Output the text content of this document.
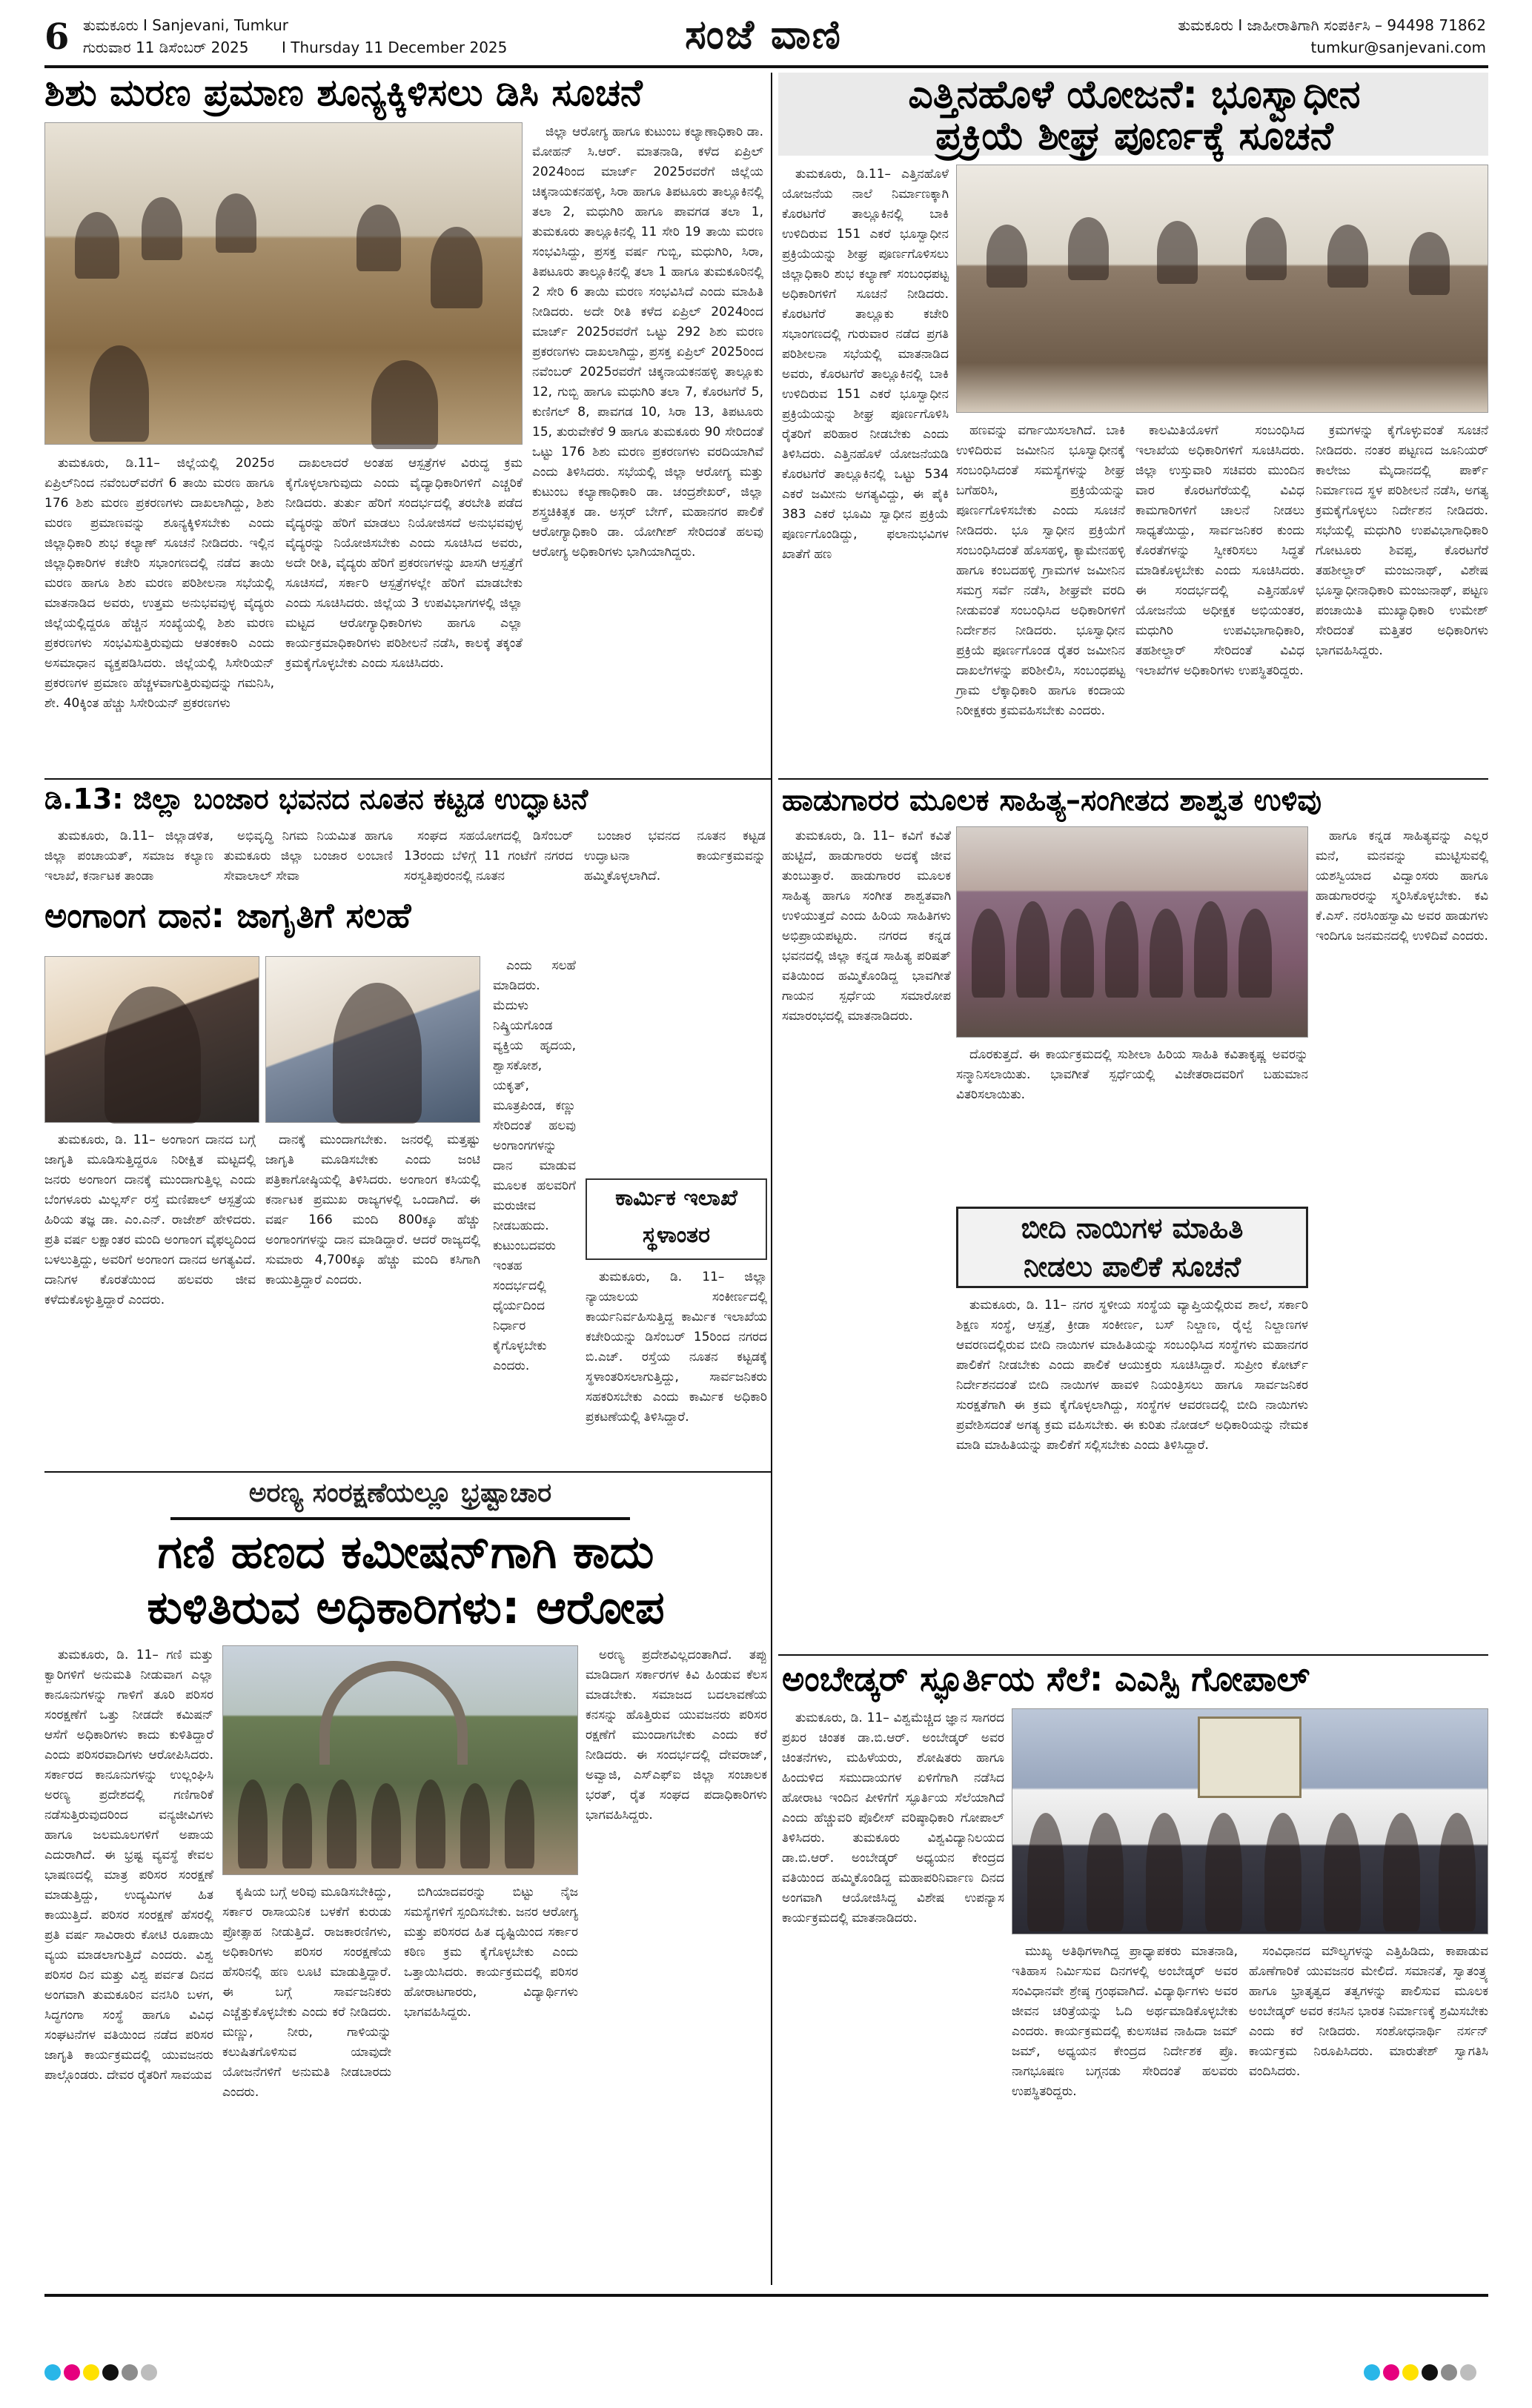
6 ತುಮಕೂರು I Sanjevani, Tumkur
ಗುರುವಾರ 11 ಡಿಸೆಂಬರ್ 2025 I Thursday 11 December 2025	ಸಂಜೆ ವಾಣಿ	ತುಮಕೂರು I ಜಾಹೀರಾತಿಗಾಗಿ ಸಂಪರ್ಕಿಸಿ – 94498 71862
tumkur@sanjevani.com
ಶಿಶು ಮರಣ ಪ್ರಮಾಣ ಶೂನ್ಯಕ್ಕಿಳಿಸಲು ಡಿಸಿ ಸೂಚನೆ

ಜಿಲ್ಲಾ ಆರೋಗ್ಯ ಹಾಗೂ ಕುಟುಂಬ ಕಲ್ಯಾಣಾಧಿಕಾರಿ ಡಾ. ಮೋಹನ್ ಸಿ.ಆರ್. ಮಾತನಾಡಿ, ಕಳೆದ ಏಪ್ರಿಲ್ 2024ರಿಂದ ಮಾರ್ಚ್ 2025ರವರೆಗೆ ಜಿಲ್ಲೆಯ ಚಿಕ್ಕನಾಯಕನಹಳ್ಳಿ, ಸಿರಾ ಹಾಗೂ ತಿಪಟೂರು ತಾಲ್ಲೂಕಿನಲ್ಲಿ ತಲಾ 2, ಮಧುಗಿರಿ ಹಾಗೂ ಪಾವಗಡ ತಲಾ 1, ತುಮಕೂರು ತಾಲ್ಲೂಕಿನಲ್ಲಿ 11 ಸೇರಿ 19 ತಾಯಿ ಮರಣ ಸಂಭವಿಸಿದ್ದು, ಪ್ರಸಕ್ತ ವರ್ಷ ಗುಬ್ಬಿ, ಮಧುಗಿರಿ, ಸಿರಾ, ತಿಪಟೂರು ತಾಲ್ಲೂಕಿನಲ್ಲಿ ತಲಾ 1 ಹಾಗೂ ತುಮಕೂರಿನಲ್ಲಿ 2 ಸೇರಿ 6 ತಾಯಿ ಮರಣ ಸಂಭವಿಸಿದೆ ಎಂದು ಮಾಹಿತಿ ನೀಡಿದರು. ಅದೇ ರೀತಿ ಕಳೆದ ಏಪ್ರಿಲ್ 2024ರಿಂದ ಮಾರ್ಚ್ 2025ರವರೆಗೆ ಒಟ್ಟು 292 ಶಿಶು ಮರಣ ಪ್ರಕರಣಗಳು ದಾಖಲಾಗಿದ್ದು, ಪ್ರಸಕ್ತ ಏಪ್ರಿಲ್ 2025ರಿಂದ ನವೆಂಬರ್ 2025ರವರೆಗೆ ಚಿಕ್ಕನಾಯಕನಹಳ್ಳಿ ತಾಲ್ಲೂಕು 12, ಗುಬ್ಬಿ ಹಾಗೂ ಮಧುಗಿರಿ ತಲಾ 7, ಕೊರಟಗೆರೆ 5, ಕುಣಿಗಲ್ 8, ಪಾವಗಡ 10, ಸಿರಾ 13, ತಿಪಟೂರು 15, ತುರುವೇಕೆರೆ 9 ಹಾಗೂ ತುಮಕೂರು 90 ಸೇರಿದಂತೆ ಒಟ್ಟು 176 ಶಿಶು ಮರಣ ಪ್ರಕರಣಗಳು ವರದಿಯಾಗಿವೆ ಎಂದು ತಿಳಿಸಿದರು. ಸಭೆಯಲ್ಲಿ ಜಿಲ್ಲಾ ಆರೋಗ್ಯ ಮತ್ತು ಕುಟುಂಬ ಕಲ್ಯಾಣಾಧಿಕಾರಿ ಡಾ. ಚಂದ್ರಶೇಖರ್, ಜಿಲ್ಲಾ ಶಸ್ತ್ರಚಿಕಿತ್ಸಕ ಡಾ. ಅಸ್ಗರ್ ಬೇಗ್, ಮಹಾನಗರ ಪಾಲಿಕೆ ಆರೋಗ್ಯಾಧಿಕಾರಿ ಡಾ. ಯೋಗೀಶ್ ಸೇರಿದಂತೆ ಹಲವು ಆರೋಗ್ಯ ಅಧಿಕಾರಿಗಳು ಭಾಗಿಯಾಗಿದ್ದರು.

ತುಮಕೂರು, ಡಿ.11– ಜಿಲ್ಲೆಯಲ್ಲಿ 2025ರ ಏಪ್ರಿಲ್‌ನಿಂದ ನವೆಂಬರ್‌ವರೆಗೆ 6 ತಾಯಿ ಮರಣ ಹಾಗೂ 176 ಶಿಶು ಮರಣ ಪ್ರಕರಣಗಳು ದಾಖಲಾಗಿದ್ದು, ಶಿಶು ಮರಣ ಪ್ರಮಾಣವನ್ನು ಶೂನ್ಯಕ್ಕಿಳಿಸಬೇಕು ಎಂದು ಜಿಲ್ಲಾಧಿಕಾರಿ ಶುಭ ಕಲ್ಯಾಣ್ ಸೂಚನೆ ನೀಡಿದರು. ಇಲ್ಲಿನ ಜಿಲ್ಲಾಧಿಕಾರಿಗಳ ಕಚೇರಿ ಸಭಾಂಗಣದಲ್ಲಿ ನಡೆದ ತಾಯಿ ಮರಣ ಹಾಗೂ ಶಿಶು ಮರಣ ಪರಿಶೀಲನಾ ಸಭೆಯಲ್ಲಿ ಮಾತನಾಡಿದ ಅವರು, ಉತ್ತಮ ಅನುಭವವುಳ್ಳ ವೈದ್ಯರು ಜಿಲ್ಲೆಯಲ್ಲಿದ್ದರೂ ಹೆಚ್ಚಿನ ಸಂಖ್ಯೆಯಲ್ಲಿ ಶಿಶು ಮರಣ ಪ್ರಕರಣಗಳು ಸಂಭವಿಸುತ್ತಿರುವುದು ಆತಂಕಕಾರಿ ಎಂದು ಅಸಮಾಧಾನ ವ್ಯಕ್ತಪಡಿಸಿದರು. ಜಿಲ್ಲೆಯಲ್ಲಿ ಸಿಸೇರಿಯನ್ ಪ್ರಕರಣಗಳ ಪ್ರಮಾಣ ಹೆಚ್ಚಳವಾಗುತ್ತಿರುವುದನ್ನು ಗಮನಿಸಿ, ಶೇ. 40ಕ್ಕಿಂತ ಹೆಚ್ಚು ಸಿಸೇರಿಯನ್ ಪ್ರಕರಣಗಳು

ದಾಖಲಾದರೆ ಅಂತಹ ಆಸ್ಪತ್ರೆಗಳ ವಿರುದ್ಧ ಕ್ರಮ ಕೈಗೊಳ್ಳಲಾಗುವುದು ಎಂದು ವೈದ್ಯಾಧಿಕಾರಿಗಳಿಗೆ ಎಚ್ಚರಿಕೆ ನೀಡಿದರು. ತುರ್ತು ಹೆರಿಗೆ ಸಂದರ್ಭದಲ್ಲಿ ತರಬೇತಿ ಪಡೆದ ವೈದ್ಯರನ್ನು ಹೆರಿಗೆ ಮಾಡಲು ನಿಯೋಜಿಸದೆ ಅನುಭವವುಳ್ಳ ವೈದ್ಯರನ್ನು ನಿಯೋಜಿಸಬೇಕು ಎಂದು ಸೂಚಿಸಿದ ಅವರು, ಅದೇ ರೀತಿ, ವೈದ್ಯರು ಹೆರಿಗೆ ಪ್ರಕರಣಗಳನ್ನು ಖಾಸಗಿ ಆಸ್ಪತ್ರೆಗೆ ಸೂಚಿಸದೆ, ಸರ್ಕಾರಿ ಆಸ್ಪತ್ರೆಗಳಲ್ಲೇ ಹೆರಿಗೆ ಮಾಡಬೇಕು ಎಂದು ಸೂಚಿಸಿದರು. ಜಿಲ್ಲೆಯ 3 ಉಪವಿಭಾಗಗಳಲ್ಲಿ ಜಿಲ್ಲಾ ಮಟ್ಟದ ಆರೋಗ್ಯಾಧಿಕಾರಿಗಳು ಹಾಗೂ ಎಲ್ಲಾ ಕಾರ್ಯಕ್ರಮಾಧಿಕಾರಿಗಳು ಪರಿಶೀಲನೆ ನಡೆಸಿ, ಕಾಲಕ್ಕೆ ತಕ್ಕಂತೆ ಕ್ರಮಕೈಗೊಳ್ಳಬೇಕು ಎಂದು ಸೂಚಿಸಿದರು.

ಎತ್ತಿನಹೊಳೆ ಯೋಜನೆ: ಭೂಸ್ವಾಧೀನ
ಪ್ರಕ್ರಿಯೆ ಶೀಘ್ರ ಪೂರ್ಣಕ್ಕೆ ಸೂಚನೆ

ತುಮಕೂರು, ಡಿ.11– ಎತ್ತಿನಹೊಳೆ ಯೋಜನೆಯ ನಾಲೆ ನಿರ್ಮಾಣಕ್ಕಾಗಿ ಕೊರಟಗೆರೆ ತಾಲ್ಲೂಕಿನಲ್ಲಿ ಬಾಕಿ ಉಳಿದಿರುವ 151 ಎಕರೆ ಭೂಸ್ವಾಧೀನ ಪ್ರಕ್ರಿಯೆಯನ್ನು ಶೀಘ್ರ ಪೂರ್ಣಗೊಳಿಸಲು ಜಿಲ್ಲಾಧಿಕಾರಿ ಶುಭ ಕಲ್ಯಾಣ್ ಸಂಬಂಧಪಟ್ಟ ಅಧಿಕಾರಿಗಳಿಗೆ ಸೂಚನೆ ನೀಡಿದರು. ಕೊರಟಗೆರೆ ತಾಲ್ಲೂಕು ಕಚೇರಿ ಸಭಾಂಗಣದಲ್ಲಿ ಗುರುವಾರ ನಡೆದ ಪ್ರಗತಿ ಪರಿಶೀಲನಾ ಸಭೆಯಲ್ಲಿ ಮಾತನಾಡಿದ ಅವರು, ಕೊರಟಗೆರೆ ತಾಲ್ಲೂಕಿನಲ್ಲಿ ಬಾಕಿ ಉಳಿದಿರುವ 151 ಎಕರೆ ಭೂಸ್ವಾಧೀನ ಪ್ರಕ್ರಿಯೆಯನ್ನು ಶೀಘ್ರ ಪೂರ್ಣಗೊಳಿಸಿ ರೈತರಿಗೆ ಪರಿಹಾರ ನೀಡಬೇಕು ಎಂದು ತಿಳಿಸಿದರು. ಎತ್ತಿನಹೊಳೆ ಯೋಜನೆಯಡಿ ಕೊರಟಗೆರೆ ತಾಲ್ಲೂಕಿನಲ್ಲಿ ಒಟ್ಟು 534 ಎಕರೆ ಜಮೀನು ಅಗತ್ಯವಿದ್ದು, ಈ ಪೈಕಿ 383 ಎಕರೆ ಭೂಮಿ ಸ್ವಾಧೀನ ಪ್ರಕ್ರಿಯೆ ಪೂರ್ಣಗೊಂಡಿದ್ದು, ಫಲಾನುಭವಿಗಳ ಖಾತೆಗೆ ಹಣ

ಹಣವನ್ನು ವರ್ಗಾಯಿಸಲಾಗಿದೆ. ಬಾಕಿ ಉಳಿದಿರುವ ಜಮೀನಿನ ಭೂಸ್ವಾಧೀನಕ್ಕೆ ಸಂಬಂಧಿಸಿದಂತೆ ಸಮಸ್ಯೆಗಳನ್ನು ಶೀಘ್ರ ಬಗೆಹರಿಸಿ, ಪ್ರಕ್ರಿಯೆಯನ್ನು ಪೂರ್ಣಗೊಳಿಸಬೇಕು ಎಂದು ಸೂಚನೆ ನೀಡಿದರು. ಭೂ ಸ್ವಾಧೀನ ಪ್ರಕ್ರಿಯೆಗೆ ಸಂಬಂಧಿಸಿದಂತೆ ಹೊಸಹಳ್ಳಿ, ಕ್ಯಾಮೇನಹಳ್ಳಿ ಹಾಗೂ ಕಂಬದಹಳ್ಳಿ ಗ್ರಾಮಗಳ ಜಮೀನಿನ ಸಮಗ್ರ ಸರ್ವೆ ನಡೆಸಿ, ಶೀಘ್ರವೇ ವರದಿ ನೀಡುವಂತೆ ಸಂಬಂಧಿಸಿದ ಅಧಿಕಾರಿಗಳಿಗೆ ನಿರ್ದೇಶನ ನೀಡಿದರು. ಭೂಸ್ವಾಧೀನ ಪ್ರಕ್ರಿಯೆ ಪೂರ್ಣಗೊಂಡ ರೈತರ ಜಮೀನಿನ ದಾಖಲೆಗಳನ್ನು ಪರಿಶೀಲಿಸಿ, ಸಂಬಂಧಪಟ್ಟ ಗ್ರಾಮ ಲೆಕ್ಕಾಧಿಕಾರಿ ಹಾಗೂ ಕಂದಾಯ ನಿರೀಕ್ಷಕರು ಕ್ರಮವಹಿಸಬೇಕು ಎಂದರು.

ಕಾಲಮಿತಿಯೊಳಗೆ ಸಂಬಂಧಿಸಿದ ಇಲಾಖೆಯ ಅಧಿಕಾರಿಗಳಿಗೆ ಸೂಚಿಸಿದರು. ಜಿಲ್ಲಾ ಉಸ್ತುವಾರಿ ಸಚಿವರು ಮುಂದಿನ ವಾರ ಕೊರಟಗೆರೆಯಲ್ಲಿ ವಿವಿಧ ಕಾಮಗಾರಿಗಳಿಗೆ ಚಾಲನೆ ನೀಡಲು ಸಾಧ್ಯತೆಯಿದ್ದು, ಸಾರ್ವಜನಿಕರ ಕುಂದು ಕೊರತೆಗಳನ್ನು ಸ್ವೀಕರಿಸಲು ಸಿದ್ಧತೆ ಮಾಡಿಕೊಳ್ಳಬೇಕು ಎಂದು ಸೂಚಿಸಿದರು. ಈ ಸಂದರ್ಭದಲ್ಲಿ ಎತ್ತಿನಹೊಳೆ ಯೋಜನೆಯ ಅಧೀಕ್ಷಕ ಅಭಿಯಂತರ, ಮಧುಗಿರಿ ಉಪವಿಭಾಗಾಧಿಕಾರಿ, ತಹಶೀಲ್ದಾರ್ ಸೇರಿದಂತೆ ವಿವಿಧ ಇಲಾಖೆಗಳ ಅಧಿಕಾರಿಗಳು ಉಪಸ್ಥಿತರಿದ್ದರು.

ಕ್ರಮಗಳನ್ನು ಕೈಗೊಳ್ಳುವಂತೆ ಸೂಚನೆ ನೀಡಿದರು. ನಂತರ ಪಟ್ಟಣದ ಜೂನಿಯರ್ ಕಾಲೇಜು ಮೈದಾನದಲ್ಲಿ ಪಾರ್ಕ್ ನಿರ್ಮಾಣದ ಸ್ಥಳ ಪರಿಶೀಲನೆ ನಡೆಸಿ, ಅಗತ್ಯ ಕ್ರಮಕೈಗೊಳ್ಳಲು ನಿರ್ದೇಶನ ನೀಡಿದರು. ಸಭೆಯಲ್ಲಿ ಮಧುಗಿರಿ ಉಪವಿಭಾಗಾಧಿಕಾರಿ ಗೋಟೂರು ಶಿವಪ್ಪ, ಕೊರಟಗೆರೆ ತಹಶೀಲ್ದಾರ್ ಮಂಜುನಾಥ್, ವಿಶೇಷ ಭೂಸ್ವಾಧೀನಾಧಿಕಾರಿ ಮಂಜುನಾಥ್, ಪಟ್ಟಣ ಪಂಚಾಯಿತಿ ಮುಖ್ಯಾಧಿಕಾರಿ ಉಮೇಶ್ ಸೇರಿದಂತೆ ಮತ್ತಿತರ ಅಧಿಕಾರಿಗಳು ಭಾಗವಹಿಸಿದ್ದರು.

ಡಿ.13: ಜಿಲ್ಲಾ ಬಂಜಾರ ಭವನದ ನೂತನ ಕಟ್ಟಡ ಉದ್ಘಾಟನೆ

ತುಮಕೂರು, ಡಿ.11– ಜಿಲ್ಲಾಡಳಿತ, ಜಿಲ್ಲಾ ಪಂಚಾಯತ್, ಸಮಾಜ ಕಲ್ಯಾಣ ಇಲಾಖೆ, ಕರ್ನಾಟಕ ತಾಂಡಾ

ಅಭಿವೃದ್ಧಿ ನಿಗಮ ನಿಯಮಿತ ಹಾಗೂ ತುಮಕೂರು ಜಿಲ್ಲಾ ಬಂಜಾರ ಲಂಬಾಣಿ ಸೇವಾಲಾಲ್ ಸೇವಾ

ಸಂಘದ ಸಹಯೋಗದಲ್ಲಿ ಡಿಸೆಂಬರ್ 13ರಂದು ಬೆಳಿಗ್ಗೆ 11 ಗಂಟೆಗೆ ನಗರದ ಸರಸ್ವತಿಪುರಂನಲ್ಲಿ ನೂತನ

ಬಂಜಾರ ಭವನದ ನೂತನ ಕಟ್ಟಡ ಉದ್ಘಾಟನಾ ಕಾರ್ಯಕ್ರಮವನ್ನು ಹಮ್ಮಿಕೊಳ್ಳಲಾಗಿದೆ.

ಅಂಗಾಂಗ ದಾನ: ಜಾಗೃತಿಗೆ ಸಲಹೆ

ಎಂದು ಸಲಹೆ ಮಾಡಿದರು. ಮೆದುಳು ನಿಷ್ಕ್ರಿಯಗೊಂಡ ವ್ಯಕ್ತಿಯ ಹೃದಯ, ಶ್ವಾಸಕೋಶ, ಯಕೃತ್, ಮೂತ್ರಪಿಂಡ, ಕಣ್ಣು ಸೇರಿದಂತೆ ಹಲವು ಅಂಗಾಂಗಗಳನ್ನು ದಾನ ಮಾಡುವ ಮೂಲಕ ಹಲವರಿಗೆ ಮರುಜೀವ ನೀಡಬಹುದು. ಕುಟುಂಬದವರು ಇಂತಹ ಸಂದರ್ಭದಲ್ಲಿ ಧೈರ್ಯದಿಂದ ನಿರ್ಧಾರ ಕೈಗೊಳ್ಳಬೇಕು ಎಂದರು.

ತುಮಕೂರು, ಡಿ. 11– ಅಂಗಾಂಗ ದಾನದ ಬಗ್ಗೆ ಜಾಗೃತಿ ಮೂಡಿಸುತ್ತಿದ್ದರೂ ನಿರೀಕ್ಷಿತ ಮಟ್ಟದಲ್ಲಿ ಜನರು ಅಂಗಾಂಗ ದಾನಕ್ಕೆ ಮುಂದಾಗುತ್ತಿಲ್ಲ ಎಂದು ಬೆಂಗಳೂರು ಮಿಲ್ಲರ್ಸ್ ರಸ್ತೆ ಮಣಿಪಾಲ್ ಆಸ್ಪತ್ರೆಯ ಹಿರಿಯ ತಜ್ಞ ಡಾ. ಎಂ.ಎನ್. ರಾಜೇಶ್ ಹೇಳಿದರು. ಪ್ರತಿ ವರ್ಷ ಲಕ್ಷಾಂತರ ಮಂದಿ ಅಂಗಾಂಗ ವೈಫಲ್ಯದಿಂದ ಬಳಲುತ್ತಿದ್ದು, ಅವರಿಗೆ ಅಂಗಾಂಗ ದಾನದ ಅಗತ್ಯವಿದೆ. ದಾನಿಗಳ ಕೊರತೆಯಿಂದ ಹಲವರು ಜೀವ ಕಳೆದುಕೊಳ್ಳುತ್ತಿದ್ದಾರೆ ಎಂದರು.

ದಾನಕ್ಕೆ ಮುಂದಾಗಬೇಕು. ಜನರಲ್ಲಿ ಮತ್ತಷ್ಟು ಜಾಗೃತಿ ಮೂಡಿಸಬೇಕು ಎಂದು ಜಂಟಿ ಪತ್ರಿಕಾಗೋಷ್ಠಿಯಲ್ಲಿ ತಿಳಿಸಿದರು. ಅಂಗಾಂಗ ಕಸಿಯಲ್ಲಿ ಕರ್ನಾಟಕ ಪ್ರಮುಖ ರಾಜ್ಯಗಳಲ್ಲಿ ಒಂದಾಗಿದೆ. ಈ ವರ್ಷ 166 ಮಂದಿ 800ಕ್ಕೂ ಹೆಚ್ಚು ಅಂಗಾಂಗಗಳನ್ನು ದಾನ ಮಾಡಿದ್ದಾರೆ. ಆದರೆ ರಾಜ್ಯದಲ್ಲಿ ಸುಮಾರು 4,700ಕ್ಕೂ ಹೆಚ್ಚು ಮಂದಿ ಕಸಿಗಾಗಿ ಕಾಯುತ್ತಿದ್ದಾರೆ ಎಂದರು.

ಕಾರ್ಮಿಕ ಇಲಾಖೆ
ಸ್ಥಳಾಂತರ

ತುಮಕೂರು, ಡಿ. 11– ಜಿಲ್ಲಾ ನ್ಯಾಯಾಲಯ ಸಂಕೀರ್ಣದಲ್ಲಿ ಕಾರ್ಯನಿರ್ವಹಿಸುತ್ತಿದ್ದ ಕಾರ್ಮಿಕ ಇಲಾಖೆಯ ಕಚೇರಿಯನ್ನು ಡಿಸೆಂಬರ್ 15ರಿಂದ ನಗರದ ಬಿ.ಎಚ್. ರಸ್ತೆಯ ನೂತನ ಕಟ್ಟಡಕ್ಕೆ ಸ್ಥಳಾಂತರಿಸಲಾಗುತ್ತಿದ್ದು, ಸಾರ್ವಜನಿಕರು ಸಹಕರಿಸಬೇಕು ಎಂದು ಕಾರ್ಮಿಕ ಅಧಿಕಾರಿ ಪ್ರಕಟಣೆಯಲ್ಲಿ ತಿಳಿಸಿದ್ದಾರೆ.

ಅರಣ್ಯ ಸಂರಕ್ಷಣೆಯಲ್ಲೂ ಭ್ರಷ್ಟಾಚಾರ
ಗಣಿ ಹಣದ ಕಮೀಷನ್‌ಗಾಗಿ ಕಾದು
ಕುಳಿತಿರುವ ಅಧಿಕಾರಿಗಳು: ಆರೋಪ

ತುಮಕೂರು, ಡಿ. 11– ಗಣಿ ಮತ್ತು ಕ್ವಾರಿಗಳಿಗೆ ಅನುಮತಿ ನೀಡುವಾಗ ಎಲ್ಲಾ ಕಾನೂನುಗಳನ್ನು ಗಾಳಿಗೆ ತೂರಿ ಪರಿಸರ ಸಂರಕ್ಷಣೆಗೆ ಒತ್ತು ನೀಡದೇ ಕಮಿಷನ್ ಆಸೆಗೆ ಅಧಿಕಾರಿಗಳು ಕಾದು ಕುಳಿತಿದ್ದಾರೆ ಎಂದು ಪರಿಸರವಾದಿಗಳು ಆರೋಪಿಸಿದರು. ಸರ್ಕಾರದ ಕಾನೂನುಗಳನ್ನು ಉಲ್ಲಂಘಿಸಿ ಅರಣ್ಯ ಪ್ರದೇಶದಲ್ಲಿ ಗಣಿಗಾರಿಕೆ ನಡೆಸುತ್ತಿರುವುದರಿಂದ ವನ್ಯಜೀವಿಗಳು ಹಾಗೂ ಜಲಮೂಲಗಳಿಗೆ ಅಪಾಯ ಎದುರಾಗಿದೆ. ಈ ಭ್ರಷ್ಟ ವ್ಯವಸ್ಥೆ ಕೇವಲ ಭಾಷಣದಲ್ಲಿ ಮಾತ್ರ ಪರಿಸರ ಸಂರಕ್ಷಣೆ ಮಾಡುತ್ತಿದ್ದು, ಉದ್ಯಮಿಗಳ ಹಿತ ಕಾಯುತ್ತಿದೆ. ಪರಿಸರ ಸಂರಕ್ಷಣೆ ಹೆಸರಲ್ಲಿ ಪ್ರತಿ ವರ್ಷ ಸಾವಿರಾರು ಕೋಟಿ ರೂಪಾಯಿ ವ್ಯಯ ಮಾಡಲಾಗುತ್ತಿದೆ ಎಂದರು. ವಿಶ್ವ ಪರಿಸರ ದಿನ ಮತ್ತು ವಿಶ್ವ ಪರ್ವತ ದಿನದ ಅಂಗವಾಗಿ ತುಮಕೂರಿನ ವನಸಿರಿ ಬಳಗ, ಸಿದ್ಧಗಂಗಾ ಸಂಸ್ಥೆ ಹಾಗೂ ವಿವಿಧ ಸಂಘಟನೆಗಳ ವತಿಯಿಂದ ನಡೆದ ಪರಿಸರ ಜಾಗೃತಿ ಕಾರ್ಯಕ್ರಮದಲ್ಲಿ ಯುವಜನರು ಪಾಲ್ಗೊಂಡರು. ದೇವರ ರೈತರಿಗೆ ಸಾವಯವ

ಅರಣ್ಯ ಪ್ರದೇಶವಿಲ್ಲದಂತಾಗಿದೆ. ತಪ್ಪು ಮಾಡಿದಾಗ ಸರ್ಕಾರಗಳ ಕಿವಿ ಹಿಂಡುವ ಕೆಲಸ ಮಾಡಬೇಕು. ಸಮಾಜದ ಬದಲಾವಣೆಯ ಕನಸನ್ನು ಹೊತ್ತಿರುವ ಯುವಜನರು ಪರಿಸರ ರಕ್ಷಣೆಗೆ ಮುಂದಾಗಬೇಕು ಎಂದು ಕರೆ ನೀಡಿದರು. ಈ ಸಂದರ್ಭದಲ್ಲಿ ದೇವರಾಜ್, ಅವ್ವಾಜಿ, ಎಸ್‌ಎಫ್‌ಐ ಜಿಲ್ಲಾ ಸಂಚಾಲಕ ಭರತ್, ರೈತ ಸಂಘದ ಪದಾಧಿಕಾರಿಗಳು ಭಾಗವಹಿಸಿದ್ದರು.

ಕೃಷಿಯ ಬಗ್ಗೆ ಅರಿವು ಮೂಡಿಸಬೇಕಿದ್ದು, ಸರ್ಕಾರ ರಾಸಾಯನಿಕ ಬಳಕೆಗೆ ಕುರುಡು ಪ್ರೋತ್ಸಾಹ ನೀಡುತ್ತಿದೆ. ರಾಜಕಾರಣಿಗಳು, ಅಧಿಕಾರಿಗಳು ಪರಿಸರ ಸಂರಕ್ಷಣೆಯ ಹೆಸರಿನಲ್ಲಿ ಹಣ ಲೂಟಿ ಮಾಡುತ್ತಿದ್ದಾರೆ. ಈ ಬಗ್ಗೆ ಸಾರ್ವಜನಿಕರು ಎಚ್ಚೆತ್ತುಕೊಳ್ಳಬೇಕು ಎಂದು ಕರೆ ನೀಡಿದರು. ಮಣ್ಣು, ನೀರು, ಗಾಳಿಯನ್ನು ಕಲುಷಿತಗೊಳಿಸುವ ಯಾವುದೇ ಯೋಜನೆಗಳಿಗೆ ಅನುಮತಿ ನೀಡಬಾರದು ಎಂದರು.

ಬಿಗಿಯಾದವರನ್ನು ಬಿಟ್ಟು ನೈಜ ಸಮಸ್ಯೆಗಳಿಗೆ ಸ್ಪಂದಿಸಬೇಕು. ಜನರ ಆರೋಗ್ಯ ಮತ್ತು ಪರಿಸರದ ಹಿತ ದೃಷ್ಟಿಯಿಂದ ಸರ್ಕಾರ ಕಠಿಣ ಕ್ರಮ ಕೈಗೊಳ್ಳಬೇಕು ಎಂದು ಒತ್ತಾಯಿಸಿದರು. ಕಾರ್ಯಕ್ರಮದಲ್ಲಿ ಪರಿಸರ ಹೋರಾಟಗಾರರು, ವಿದ್ಯಾರ್ಥಿಗಳು ಭಾಗವಹಿಸಿದ್ದರು.

ಹಾಡುಗಾರರ ಮೂಲಕ ಸಾಹಿತ್ಯ–ಸಂಗೀತದ ಶಾಶ್ವತ ಉಳಿವು

ತುಮಕೂರು, ಡಿ. 11– ಕವಿಗೆ ಕವಿತೆ ಹುಟ್ಟಿದೆ, ಹಾಡುಗಾರರು ಅದಕ್ಕೆ ಜೀವ ತುಂಬುತ್ತಾರೆ. ಹಾಡುಗಾರರ ಮೂಲಕ ಸಾಹಿತ್ಯ ಹಾಗೂ ಸಂಗೀತ ಶಾಶ್ವತವಾಗಿ ಉಳಿಯುತ್ತದೆ ಎಂದು ಹಿರಿಯ ಸಾಹಿತಿಗಳು ಅಭಿಪ್ರಾಯಪಟ್ಟರು. ನಗರದ ಕನ್ನಡ ಭವನದಲ್ಲಿ ಜಿಲ್ಲಾ ಕನ್ನಡ ಸಾಹಿತ್ಯ ಪರಿಷತ್ ವತಿಯಿಂದ ಹಮ್ಮಿಕೊಂಡಿದ್ದ ಭಾವಗೀತೆ ಗಾಯನ ಸ್ಪರ್ಧೆಯ ಸಮಾರೋಪ ಸಮಾರಂಭದಲ್ಲಿ ಮಾತನಾಡಿದರು.

ಹಾಗೂ ಕನ್ನಡ ಸಾಹಿತ್ಯವನ್ನು ಎಲ್ಲರ ಮನೆ, ಮನವನ್ನು ಮುಟ್ಟಿಸುವಲ್ಲಿ ಯಶಸ್ವಿಯಾದ ವಿದ್ವಾಂಸರು ಹಾಗೂ ಹಾಡುಗಾರರನ್ನು ಸ್ಮರಿಸಿಕೊಳ್ಳಬೇಕು. ಕವಿ ಕೆ.ಎಸ್. ನರಸಿಂಹಸ್ವಾಮಿ ಅವರ ಹಾಡುಗಳು ಇಂದಿಗೂ ಜನಮನದಲ್ಲಿ ಉಳಿದಿವೆ ಎಂದರು.

ದೊರಕುತ್ತದೆ. ಈ ಕಾರ್ಯಕ್ರಮದಲ್ಲಿ ಸುಶೀಲಾ ಹಿರಿಯ ಸಾಹಿತಿ ಕವಿತಾಕೃಷ್ಣ ಅವರನ್ನು ಸನ್ಮಾನಿಸಲಾಯಿತು. ಭಾವಗೀತೆ ಸ್ಪರ್ಧೆಯಲ್ಲಿ ವಿಜೇತರಾದವರಿಗೆ ಬಹುಮಾನ ವಿತರಿಸಲಾಯಿತು.

ಬೀದಿ ನಾಯಿಗಳ ಮಾಹಿತಿ
ನೀಡಲು ಪಾಲಿಕೆ ಸೂಚನೆ

ತುಮಕೂರು, ಡಿ. 11– ನಗರ ಸ್ಥಳೀಯ ಸಂಸ್ಥೆಯ ವ್ಯಾಪ್ತಿಯಲ್ಲಿರುವ ಶಾಲೆ, ಸರ್ಕಾರಿ ಶಿಕ್ಷಣ ಸಂಸ್ಥೆ, ಆಸ್ಪತ್ರೆ, ಕ್ರೀಡಾ ಸಂಕೀರ್ಣ, ಬಸ್ ನಿಲ್ದಾಣ, ರೈಲ್ವೆ ನಿಲ್ದಾಣಗಳ ಆವರಣದಲ್ಲಿರುವ ಬೀದಿ ನಾಯಿಗಳ ಮಾಹಿತಿಯನ್ನು ಸಂಬಂಧಿಸಿದ ಸಂಸ್ಥೆಗಳು ಮಹಾನಗರ ಪಾಲಿಕೆಗೆ ನೀಡಬೇಕು ಎಂದು ಪಾಲಿಕೆ ಆಯುಕ್ತರು ಸೂಚಿಸಿದ್ದಾರೆ. ಸುಪ್ರೀಂ ಕೋರ್ಟ್ ನಿರ್ದೇಶನದಂತೆ ಬೀದಿ ನಾಯಿಗಳ ಹಾವಳಿ ನಿಯಂತ್ರಿಸಲು ಹಾಗೂ ಸಾರ್ವಜನಿಕರ ಸುರಕ್ಷತೆಗಾಗಿ ಈ ಕ್ರಮ ಕೈಗೊಳ್ಳಲಾಗಿದ್ದು, ಸಂಸ್ಥೆಗಳ ಆವರಣದಲ್ಲಿ ಬೀದಿ ನಾಯಿಗಳು ಪ್ರವೇಶಿಸದಂತೆ ಅಗತ್ಯ ಕ್ರಮ ವಹಿಸಬೇಕು. ಈ ಕುರಿತು ನೋಡಲ್ ಅಧಿಕಾರಿಯನ್ನು ನೇಮಕ ಮಾಡಿ ಮಾಹಿತಿಯನ್ನು ಪಾಲಿಕೆಗೆ ಸಲ್ಲಿಸಬೇಕು ಎಂದು ತಿಳಿಸಿದ್ದಾರೆ.

ಅಂಬೇಡ್ಕರ್ ಸ್ಫೂರ್ತಿಯ ಸೆಲೆ: ಎಎಸ್ಪಿ ಗೋಪಾಲ್

ತುಮಕೂರು, ಡಿ. 11– ವಿಶ್ವಮೆಚ್ಚಿದ ಜ್ಞಾನ ಸಾಗರದ ಪ್ರಖರ ಚಿಂತಕ ಡಾ.ಬಿ.ಆರ್. ಅಂಬೇಡ್ಕರ್ ಅವರ ಚಿಂತನೆಗಳು, ಮಹಿಳೆಯರು, ಶೋಷಿತರು ಹಾಗೂ ಹಿಂದುಳಿದ ಸಮುದಾಯಗಳ ಏಳಿಗೆಗಾಗಿ ನಡೆಸಿದ ಹೋರಾಟ ಇಂದಿನ ಪೀಳಿಗೆಗೆ ಸ್ಫೂರ್ತಿಯ ಸೆಲೆಯಾಗಿದೆ ಎಂದು ಹೆಚ್ಚುವರಿ ಪೊಲೀಸ್ ವರಿಷ್ಠಾಧಿಕಾರಿ ಗೋಪಾಲ್ ತಿಳಿಸಿದರು. ತುಮಕೂರು ವಿಶ್ವವಿದ್ಯಾನಿಲಯದ ಡಾ.ಬಿ.ಆರ್. ಅಂಬೇಡ್ಕರ್ ಅಧ್ಯಯನ ಕೇಂದ್ರದ ವತಿಯಿಂದ ಹಮ್ಮಿಕೊಂಡಿದ್ದ ಮಹಾಪರಿನಿರ್ವಾಣ ದಿನದ ಅಂಗವಾಗಿ ಆಯೋಜಿಸಿದ್ದ ವಿಶೇಷ ಉಪನ್ಯಾಸ ಕಾರ್ಯಕ್ರಮದಲ್ಲಿ ಮಾತನಾಡಿದರು.

ಮುಖ್ಯ ಅತಿಥಿಗಳಾಗಿದ್ದ ಪ್ರಾಧ್ಯಾಪಕರು ಮಾತನಾಡಿ, ಇತಿಹಾಸ ನಿರ್ಮಿಸುವ ದಿನಗಳಲ್ಲಿ ಅಂಬೇಡ್ಕರ್ ಅವರ ಸಂವಿಧಾನವೇ ಶ್ರೇಷ್ಠ ಗ್ರಂಥವಾಗಿದೆ. ವಿದ್ಯಾರ್ಥಿಗಳು ಅವರ ಜೀವನ ಚರಿತ್ರೆಯನ್ನು ಓದಿ ಅರ್ಥಮಾಡಿಕೊಳ್ಳಬೇಕು ಎಂದರು. ಕಾರ್ಯಕ್ರಮದಲ್ಲಿ ಕುಲಸಚಿವ ನಾಹಿದಾ ಜಮ್ ಜಮ್, ಅಧ್ಯಯನ ಕೇಂದ್ರದ ನಿರ್ದೇಶಕ ಪ್ರೊ. ನಾಗಭೂಷಣ ಬಗ್ಗನಡು ಸೇರಿದಂತೆ ಹಲವರು ಉಪಸ್ಥಿತರಿದ್ದರು.

ಸಂವಿಧಾನದ ಮೌಲ್ಯಗಳನ್ನು ಎತ್ತಿಹಿಡಿದು, ಕಾಪಾಡುವ ಹೊಣೆಗಾರಿಕೆ ಯುವಜನರ ಮೇಲಿದೆ. ಸಮಾನತೆ, ಸ್ವಾತಂತ್ರ್ಯ ಹಾಗೂ ಭ್ರಾತೃತ್ವದ ತತ್ವಗಳನ್ನು ಪಾಲಿಸುವ ಮೂಲಕ ಅಂಬೇಡ್ಕರ್ ಅವರ ಕನಸಿನ ಭಾರತ ನಿರ್ಮಾಣಕ್ಕೆ ಶ್ರಮಿಸಬೇಕು ಎಂದು ಕರೆ ನೀಡಿದರು. ಸಂಶೋಧನಾರ್ಥಿ ನರ್ಸನ್ ಕಾರ್ಯಕ್ರಮ ನಿರೂಪಿಸಿದರು. ಮಾರುತೇಶ್ ಸ್ವಾಗತಿಸಿ ವಂದಿಸಿದರು.
